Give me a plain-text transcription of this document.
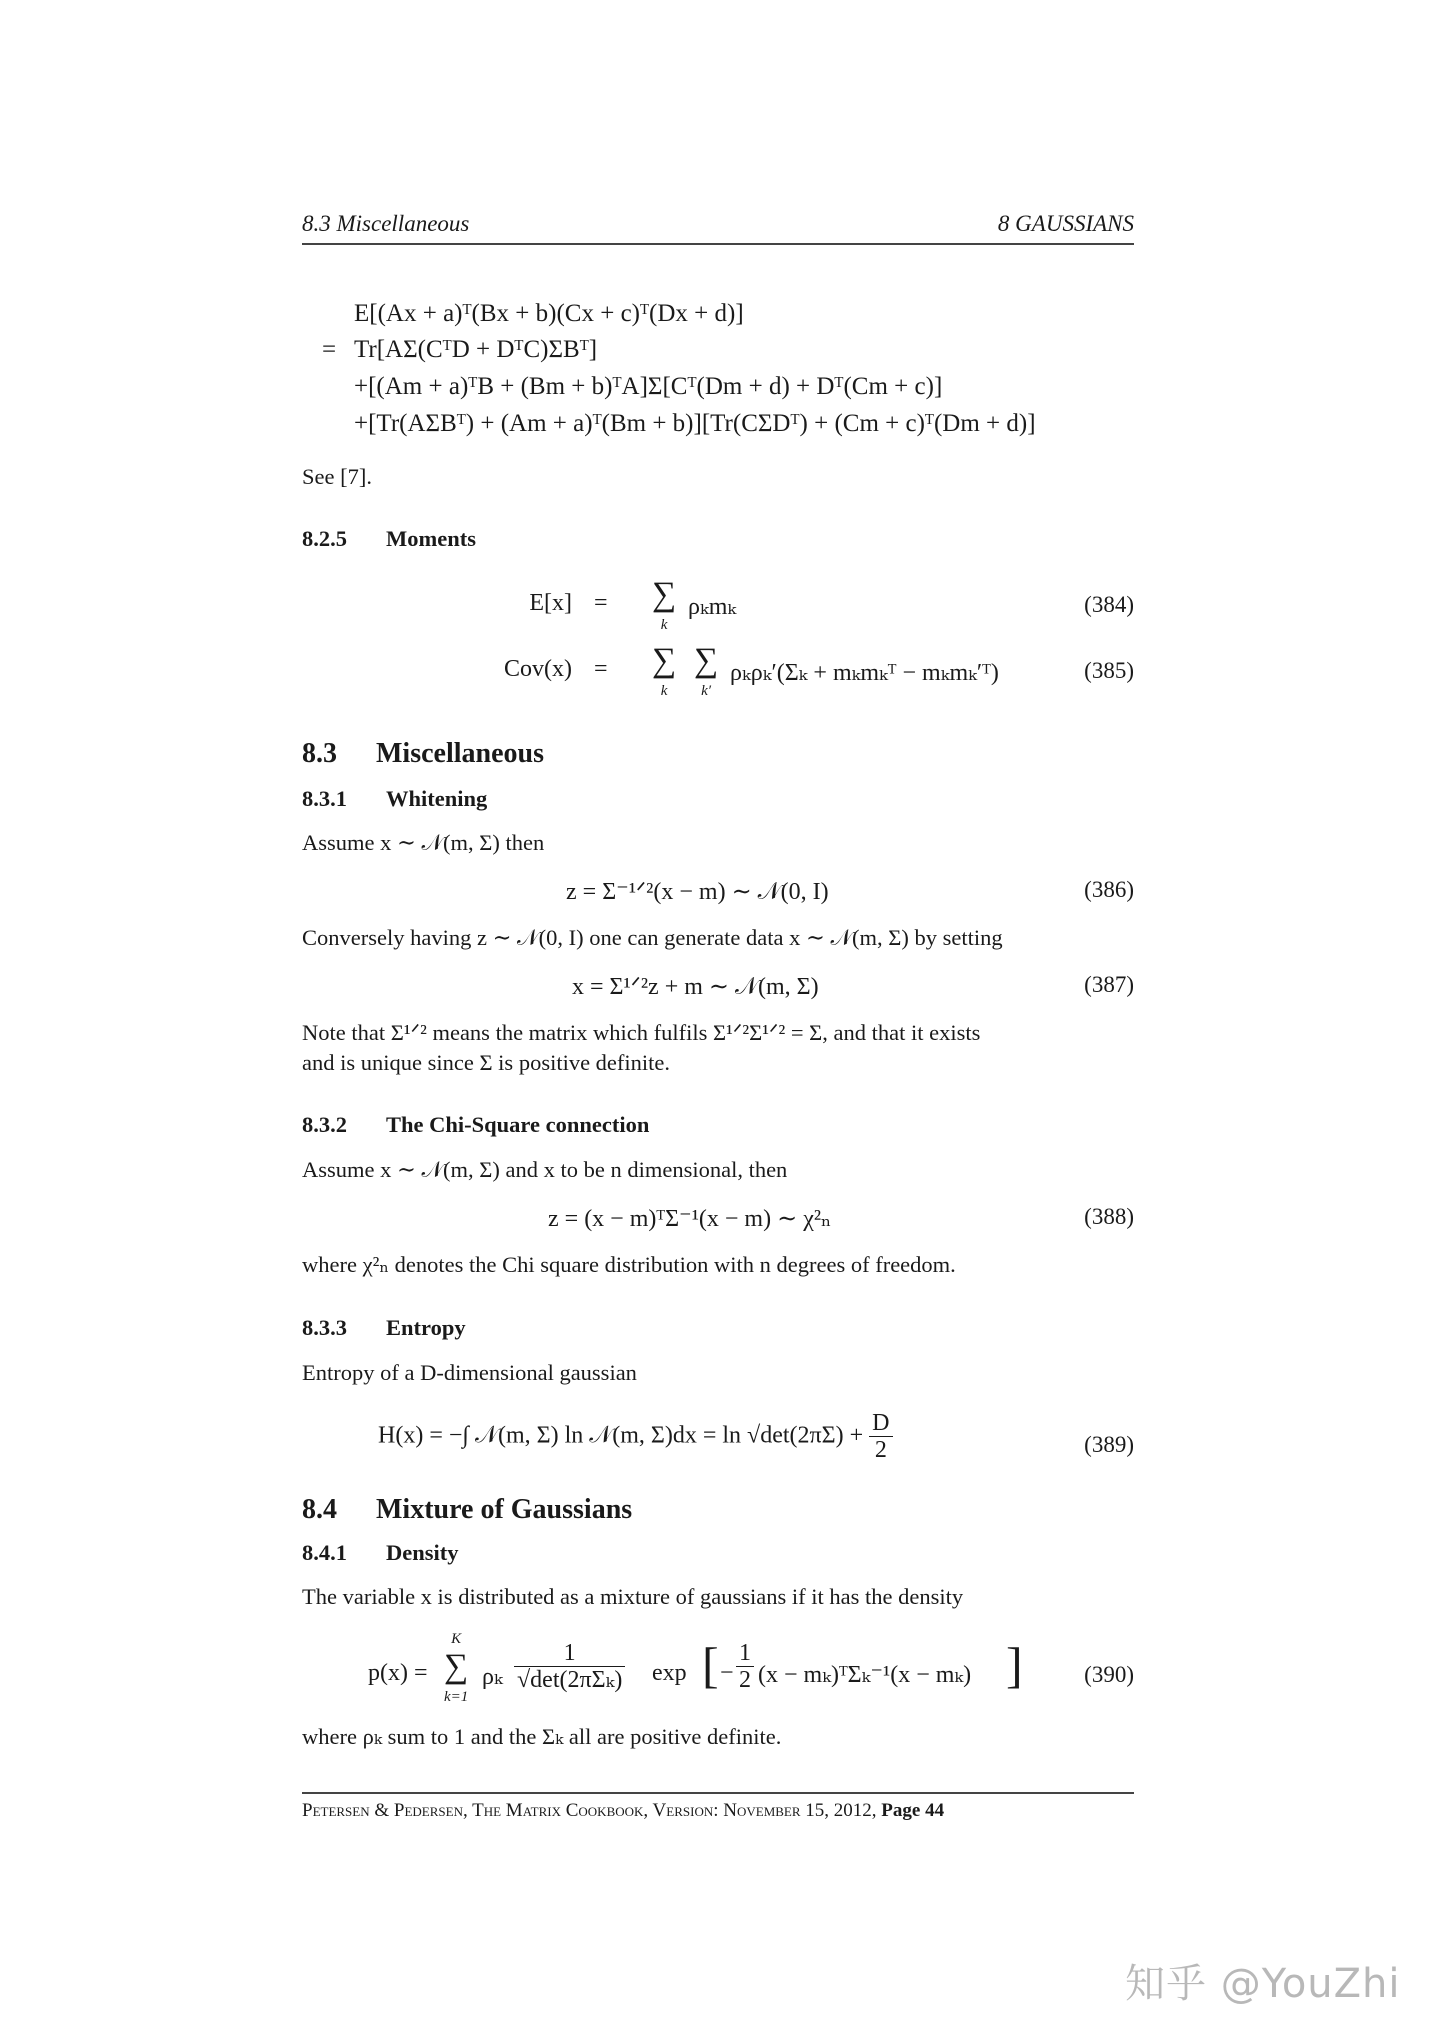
8.3 Miscellaneous	8 GAUSSIANS
E[(Ax + a)ᵀ(Bx + b)(Cx + c)ᵀ(Dx + d)]
= Tr[AΣ(CᵀD + DᵀC)ΣBᵀ]
+[(Am + a)ᵀB + (Bm + b)ᵀA]Σ[Cᵀ(Dm + d) + Dᵀ(Cm + c)]
+[Tr(AΣBᵀ) + (Am + a)ᵀ(Bm + b)][Tr(CΣDᵀ) + (Cm + c)ᵀ(Dm + d)]
See [7].
8.2.5 Moments
E[x] = ∑
k
ρₖmₖ	(384)
Cov(x) = ∑
k
∑
k′
ρₖρₖ′(Σₖ + mₖmₖᵀ − mₖmₖ′ᵀ)	(385)
8.3 Miscellaneous
8.3.1 Whitening
Assume x ∼ 𝒩(m, Σ) then
z = Σ⁻¹ᐟ²(x − m) ∼ 𝒩(0, I)	(386)
Conversely having z ∼ 𝒩(0, I) one can generate data x ∼ 𝒩(m, Σ) by setting
x = Σ¹ᐟ²z + m ∼ 𝒩(m, Σ)	(387)
Note that Σ¹ᐟ² means the matrix which fulfils Σ¹ᐟ²Σ¹ᐟ² = Σ, and that it exists
and is unique since Σ is positive definite.
8.3.2 The Chi-Square connection
Assume x ∼ 𝒩(m, Σ) and x to be n dimensional, then
z = (x − m)ᵀΣ⁻¹(x − m) ∼ χ²ₙ	(388)
where χ²ₙ denotes the Chi square distribution with n degrees of freedom.
8.3.3 Entropy
Entropy of a D-dimensional gaussian
H(x) = −∫ 𝒩(m, Σ) ln 𝒩(m, $\Sigma)dx = \ln √\det(2\pi\Sigma) + \frac{D}{2}$	(389)
8.4 Mixture of Gaussians
8.4.1 Density
The variable x is distributed as a mixture of gaussians if it has the density
p(x) = ∑
K
k=1
ρₖ $\frac{1}{\text{√det(2πΣₖ)}}$ exp [ − $\frac{1}{2} (x$ − mₖ)ᵀΣₖ⁻¹(x − mₖ) ]	(390)
where ρₖ sum to 1 and the Σₖ all are positive definite.
Petersen & Pedersen, The Matrix Cookbook, Version: November 15, 2012, Page 44
知乎 @YouZhi
